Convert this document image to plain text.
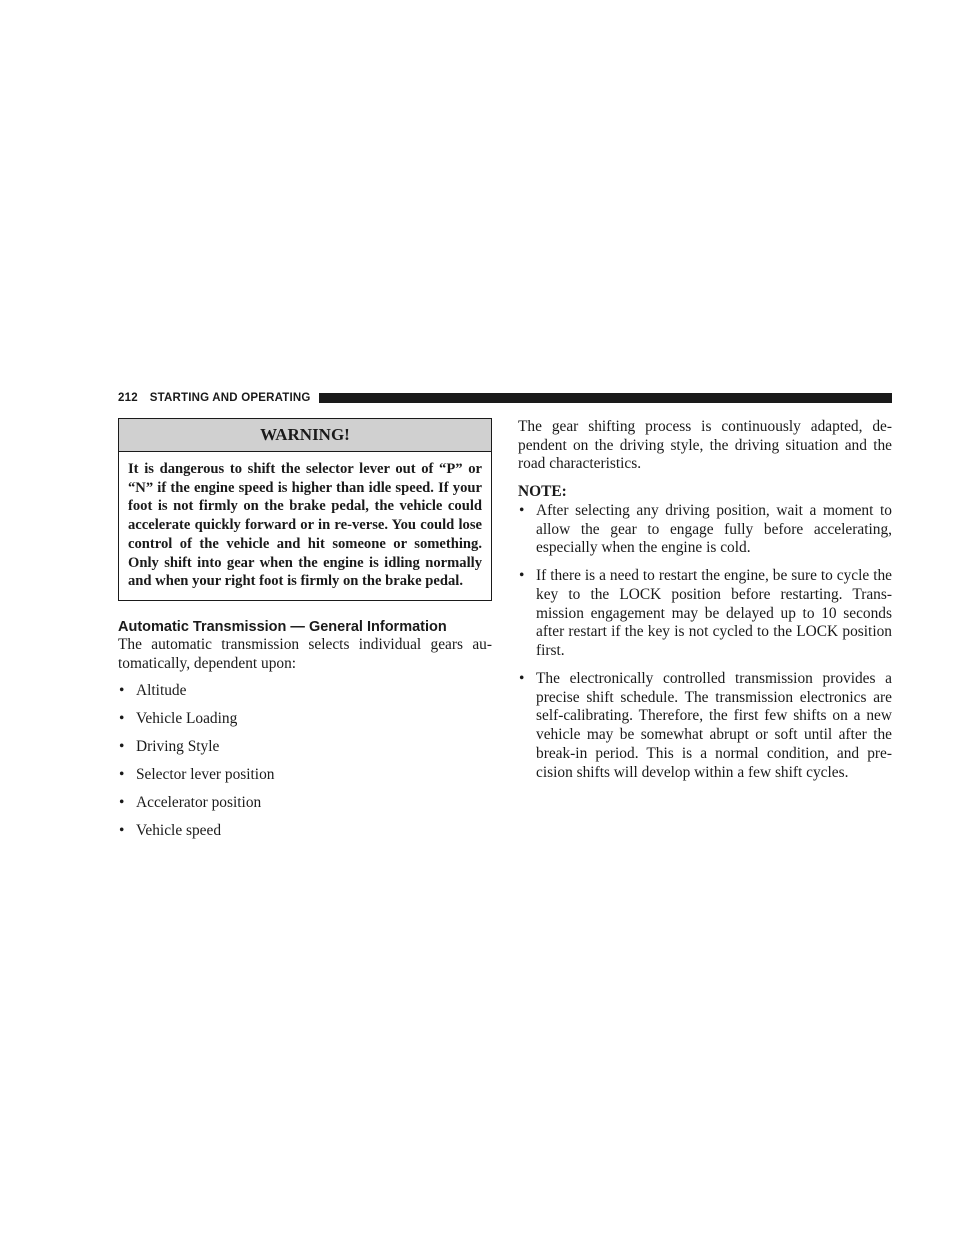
212 STARTING AND OPERATING
WARNING!
It is dangerous to shift the selector lever out of “P” or “N” if the engine speed is higher than idle speed. If your foot is not firmly on the brake pedal, the vehicle could accelerate quickly forward or in re-verse. You could lose control of the vehicle and hit someone or something. Only shift into gear when the engine is idling normally and when your right foot is firmly on the brake pedal.
Automatic Transmission — General Information

The automatic transmission selects individual gears au-tomatically, dependent upon:

• Altitude
• Vehicle Loading
• Driving Style
• Selector lever position
• Accelerator position
• Vehicle speed

The gear shifting process is continuously adapted, de-pendent on the driving style, the driving situation and the road characteristics.

NOTE:
• After selecting any driving position, wait a moment to allow the gear to engage fully before accelerating, especially when the engine is cold.
• If there is a need to restart the engine, be sure to cycle the key to the LOCK position before restarting. Trans-mission engagement may be delayed up to 10 seconds after restart if the key is not cycled to the LOCK position first.
• The electronically controlled transmission provides a precise shift schedule. The transmission electronics are self-calibrating. Therefore, the first few shifts on a new vehicle may be somewhat abrupt or soft until after the break-in period. This is a normal condition, and pre-cision shifts will develop within a few shift cycles.
